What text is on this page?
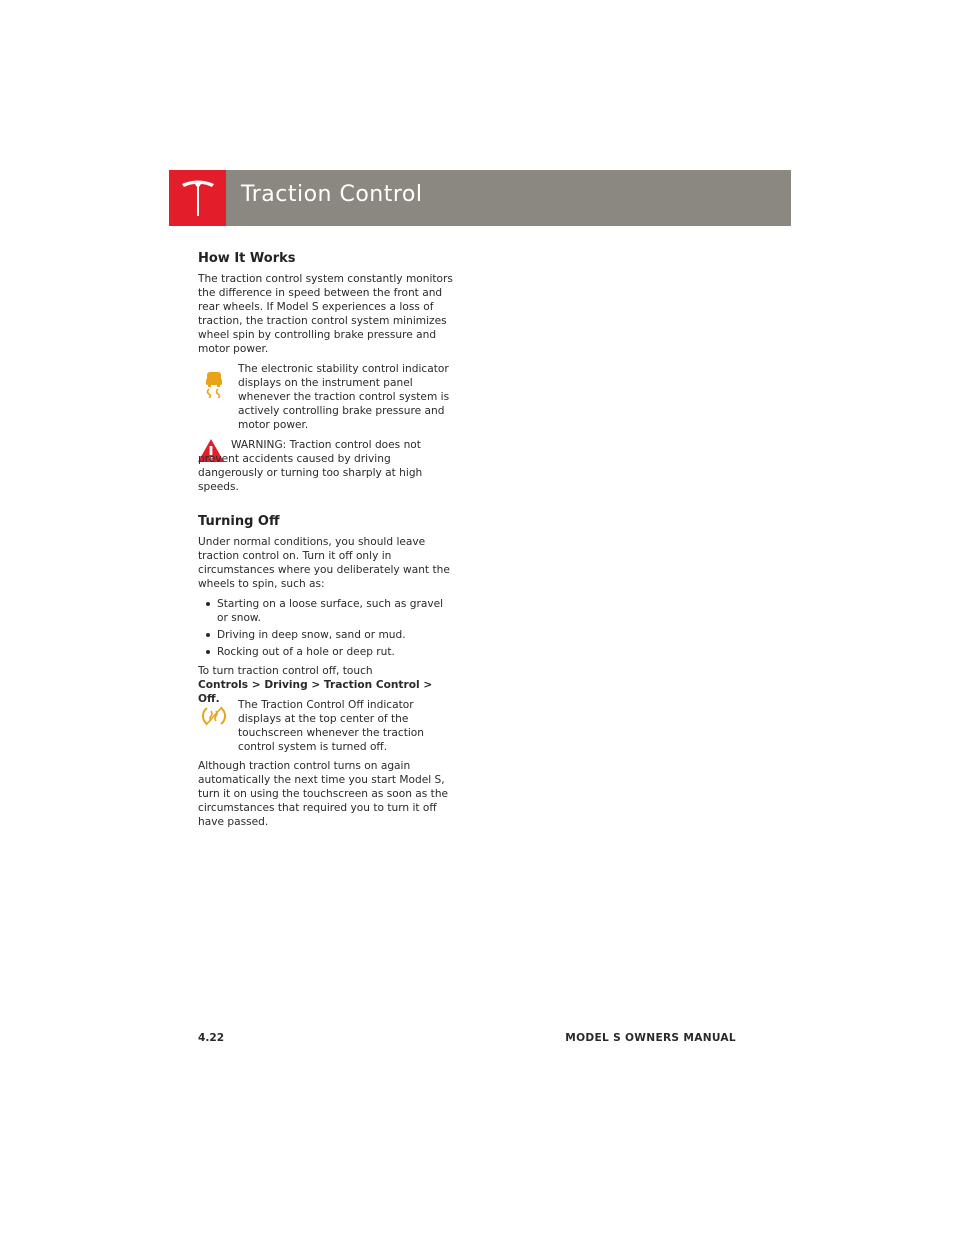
Traction Control
How It Works

The traction control system constantly monitors the difference in speed between the front and rear wheels. If Model S experiences a loss of traction, the traction control system minimizes wheel spin by controlling brake pressure and motor power.

The electronic stability control indicator displays on the instrument panel whenever the traction control system is actively controlling brake pressure and motor power.

WARNING: Traction control does not prevent accidents caused by driving dangerously or turning too sharply at high speeds.

Turning Off

Under normal conditions, you should leave traction control on. Turn it off only in circumstances where you deliberately want the wheels to spin, such as:

Starting on a loose surface, such as gravel or snow.
Driving in deep snow, sand or mud.
Rocking out of a hole or deep rut.

To turn traction control off, touch
Controls > Driving > Traction Control > Off.	The Traction Control Off indicator displays at the top center of the touchscreen whenever the traction control system is turned off.

Although traction control turns on again automatically the next time you start Model S, turn it on using the touchscreen as soon as the circumstances that required you to turn it off have passed.

4.22	MODEL S OWNERS MANUAL
